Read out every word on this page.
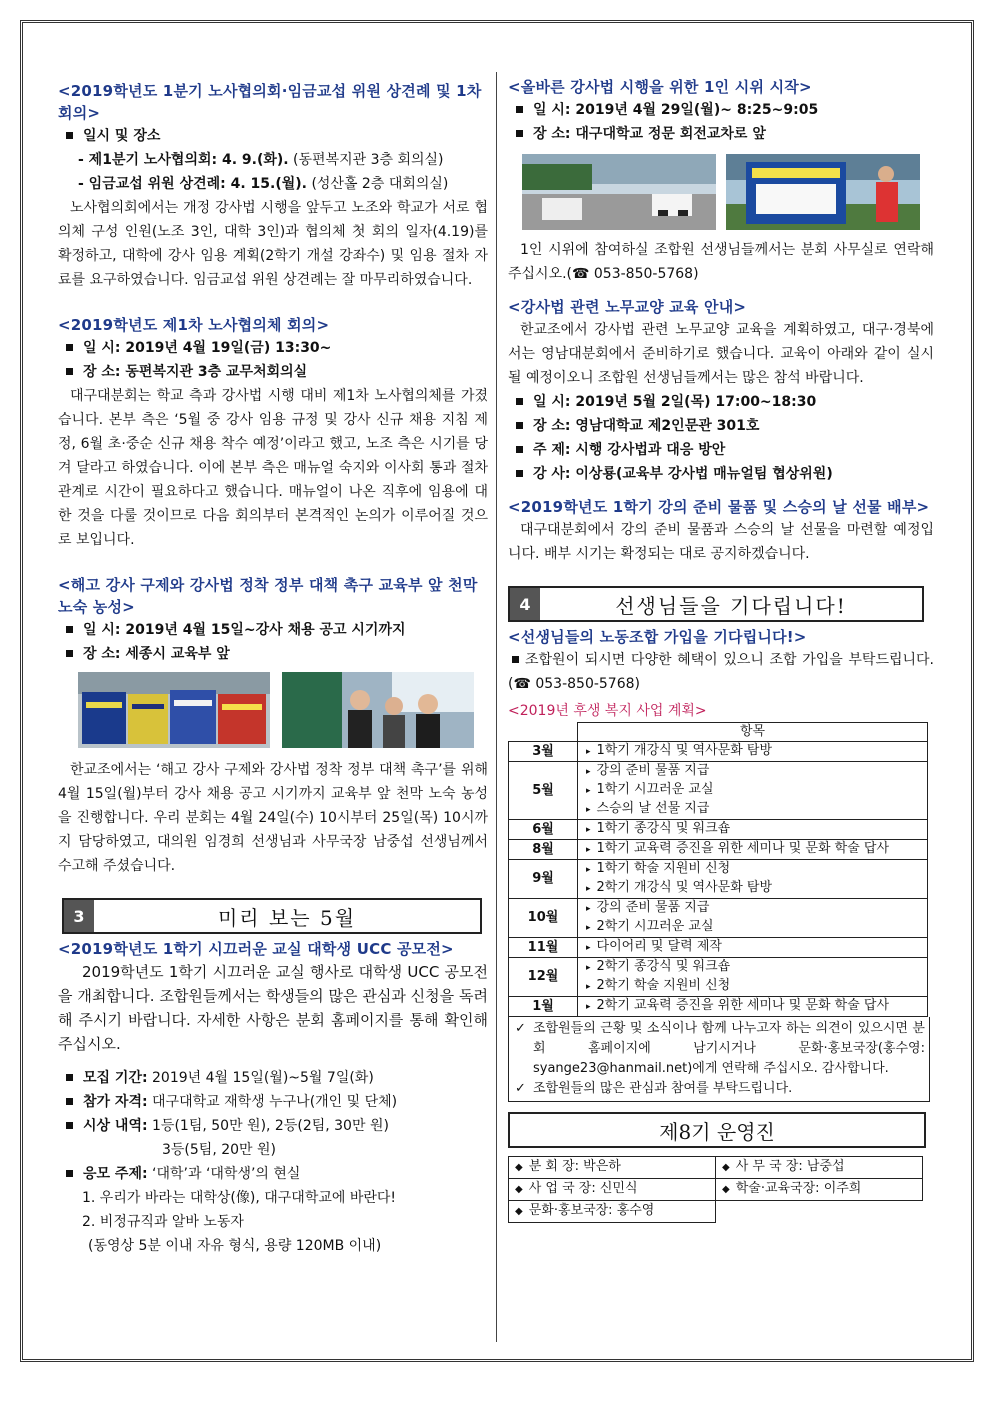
<2019학년도 1분기 노사협의회·임금교섭 위원 상견례 및 1차 회의>

일시 및 장소

- 제1분기 노사협의회: 4. 9.(화). (동편복지관 3층 회의실)

- 임금교섭 위원 상견례: 4. 15.(월). (성산홀 2층 대회의실)

노사협의회에서는 개정 강사법 시행을 앞두고 노조와 학교가 서로 협의체 구성 인원(노조 3인, 대학 3인)과 협의체 첫 회의 일자(4.19)를 확정하고, 대학에 강사 임용 계획(2학기 개설 강좌수) 및 임용 절차 자료를 요구하였습니다. 임금교섭 위원 상견례는 잘 마무리하였습니다.

<2019학년도 제1차 노사협의체 회의>

일 시: 2019년 4월 19일(금) 13:30~

장 소: 동편복지관 3층 교무처회의실

대구대분회는 학교 측과 강사법 시행 대비 제1차 노사협의체를 가졌습니다. 본부 측은 ‘5월 중 강사 임용 규정 및 강사 신규 채용 지침 제정, 6월 초·중순 신규 채용 착수 예정’이라고 했고, 노조 측은 시기를 당겨 달라고 하였습니다. 이에 본부 측은 매뉴얼 숙지와 이사회 통과 절차 관계로 시간이 필요하다고 했습니다. 매뉴얼이 나온 직후에 임용에 대한 것을 다룰 것이므로 다음 회의부터 본격적인 논의가 이루어질 것으로 보입니다.

<해고 강사 구제와 강사법 정착 정부 대책 촉구 교육부 앞 천막 노숙 농성>

일 시: 2019년 4월 15일~강사 채용 공고 시기까지

장 소: 세종시 교육부 앞

한교조에서는 ‘해고 강사 구제와 강사법 정착 정부 대책 촉구’를 위해 4월 15일(월)부터 강사 채용 공고 시기까지 교육부 앞 천막 노숙 농성을 진행합니다. 우리 분회는 4월 24일(수) 10시부터 25일(목) 10시까지 담당하였고, 대의원 임경희 선생님과 사무국장 남중섭 선생님께서 수고해 주셨습니다.

3	미리 보는 5월

<2019학년도 1학기 시끄러운 교실 대학생 UCC 공모전>

2019학년도 1학기 시끄러운 교실 행사로 대학생 UCC 공모전을 개최합니다. 조합원들께서는 학생들의 많은 관심과 신청을 독려해 주시기 바랍니다. 자세한 사항은 분회 홈페이지를 통해 확인해 주십시오.

모집 기간: 2019년 4월 15일(월)~5월 7일(화)

참가 자격: 대구대학교 재학생 누구나(개인 및 단체)

시상 내역: 1등(1팀, 50만 원), 2등(2팀, 30만 원)

3등(5팀, 20만 원)

응모 주제: ‘대학’과 ‘대학생’의 현실

1. 우리가 바라는 대학상(像), 대구대학교에 바란다!

2. 비정규직과 알바 노동자

(동영상 5분 이내 자유 형식, 용량 120MB 이내)

<올바른 강사법 시행을 위한 1인 시위 시작>

일 시: 2019년 4월 29일(월)~ 8:25~9:05

장 소: 대구대학교 정문 회전교차로 앞

1인 시위에 참여하실 조합원 선생님들께서는 분회 사무실로 연락해 주십시오.(☎ 053-850-5768)

<강사법 관련 노무교양 교육 안내>

한교조에서 강사법 관련 노무교양 교육을 계획하였고, 대구·경북에서는 영남대분회에서 준비하기로 했습니다. 교육이 아래와 같이 실시될 예정이오니 조합원 선생님들께서는 많은 참석 바랍니다.

일 시: 2019년 5월 2일(목) 17:00~18:30

장 소: 영남대학교 제2인문관 301호

주 제: 시행 강사법과 대응 방안

강 사: 이상룡(교육부 강사법 매뉴얼팀 협상위원)

<2019학년도 1학기 강의 준비 물품 및 스승의 날 선물 배부>

대구대분회에서 강의 준비 물품과 스승의 날 선물을 마련할 예정입니다. 배부 시기는 확정되는 대로 공지하겠습니다.

4	선생님들을 기다립니다!

<선생님들의 노동조합 가입을 기다립니다!>

조합원이 되시면 다양한 혜택이 있으니 조합 가입을 부탁드립니다.(☎ 053-850-5768)

<2019년 후생 복지 사업 계획>

	항목
3월	▸ 1학기 개강식 및 역사문화 탐방

5월	▸ 강의 준비 물품 지급
▸ 1학기 시끄러운 교실
▸ 스승의 날 선물 지급

6월	▸ 1학기 종강식 및 워크숍

8월	▸ 1학기 교육력 증진을 위한 세미나 및 문화 학술 답사

9월	▸ 1학기 학술 지원비 신청
▸ 2학기 개강식 및 역사문화 탐방

10월	▸ 강의 준비 물품 지급
▸ 2학기 시끄러운 교실

11월	▸ 다이어리 및 달력 제작

12월	▸ 2학기 종강식 및 워크숍
▸ 2학기 학술 지원비 신청

1월	▸ 2학기 교육력 증진을 위한 세미나 및 문화 학술 답사
✓ 조합원들의 근황 및 소식이나 함께 나누고자 하는 의견이 있으시면 분회 홈페이지에 남기시거나 문화·홍보국장(홍수영: syange23@hanmail.net)에게 연락해 주십시오. 감사합니다.
✓ 조합원들의 많은 관심과 참여를 부탁드립니다.
제8기 운영진
◆ 분 회 장: 박은하	◆ 사 무 국 장: 남중섭
◆ 사 업 국 장: 신민식	◆ 학술·교육국장: 이주희
◆ 문화·홍보국장: 홍수영	
